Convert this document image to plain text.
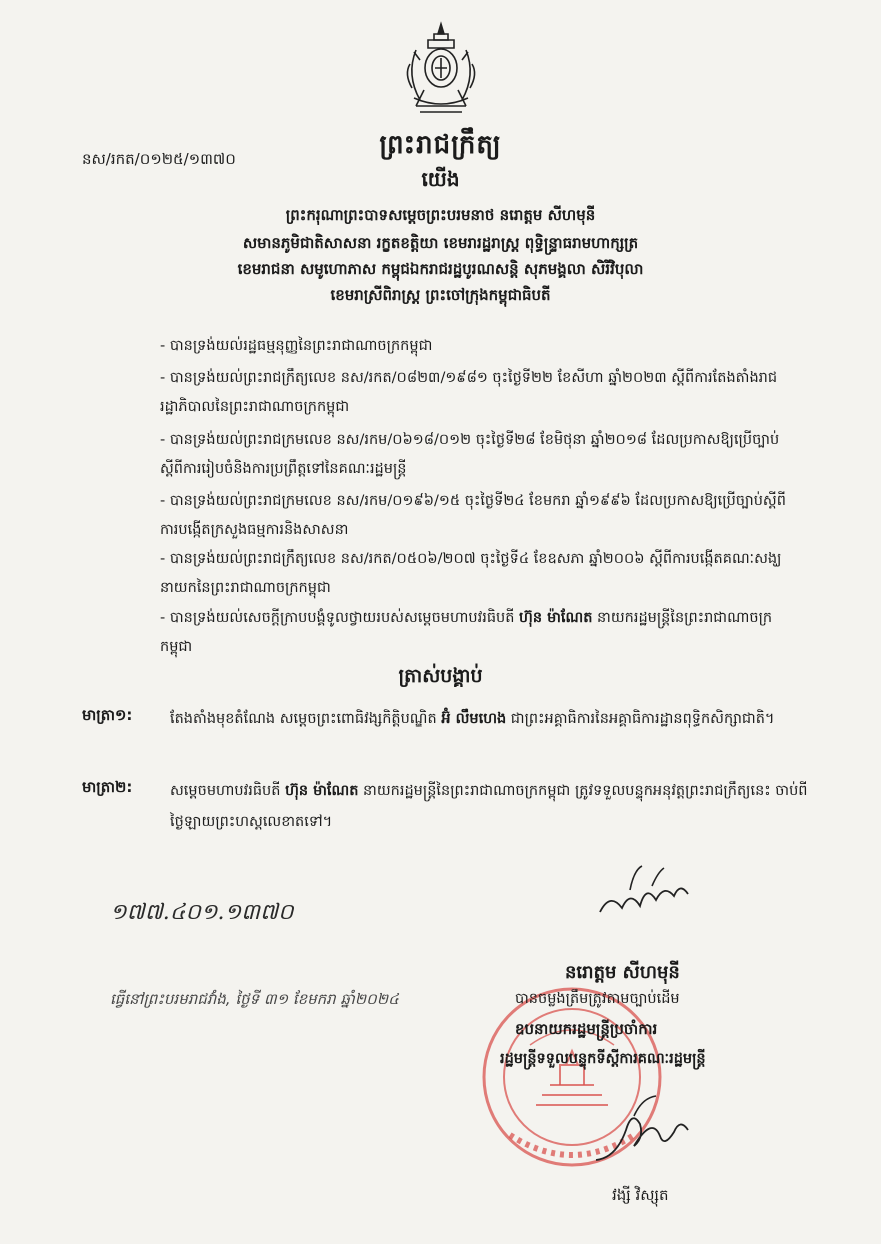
ព្រះរាជក្រឹត្យ
នស/រកត/០១២៥/១៣៧០
យើង
ព្រះករុណាព្រះបាទសម្តេចព្រះបរមនាថ នរោត្តម សីហមុនី
សមានភូមិជាតិសាសនា រក្ខតខត្តិយា ខេមរារដ្ឋរាស្ត្រ ពុទ្ធិន្ទ្រាធរាមហាក្សត្រ
ខេមរាជនា សមូហោភាស កម្ពុជឯករាជរដ្ឋបូរណសន្តិ សុភមង្គលា សិរីវិបុលា
ខេមរាស្រីពិរាស្ត្រ ព្រះចៅក្រុងកម្ពុជាធិបតី
- បានទ្រង់យល់រដ្ឋធម្មនុញ្ញនៃព្រះរាជាណាចក្រកម្ពុជា
- បានទ្រង់យល់ព្រះរាជក្រឹត្យលេខ នស/រកត/០៨២៣/១៩៨១ ចុះថ្ងៃទី២២ ខែសីហា ឆ្នាំ២០២៣ ស្តីពីការតែងតាំងរាជរដ្ឋាភិបាលនៃព្រះរាជាណាចក្រកម្ពុជា
- បានទ្រង់យល់ព្រះរាជក្រមលេខ នស/រកម/០៦១៨/០១២ ចុះថ្ងៃទី២៨ ខែមិថុនា ឆ្នាំ២០១៨ ដែលប្រកាសឱ្យប្រើច្បាប់ស្តីពីការរៀបចំនិងការប្រព្រឹត្តទៅនៃគណៈរដ្ឋមន្ត្រី
- បានទ្រង់យល់ព្រះរាជក្រមលេខ នស/រកម/០១៩៦/១៥ ចុះថ្ងៃទី២៤ ខែមករា ឆ្នាំ១៩៩៦ ដែលប្រកាសឱ្យប្រើច្បាប់ស្តីពីការបង្កើតក្រសួងធម្មការនិងសាសនា
- បានទ្រង់យល់ព្រះរាជក្រឹត្យលេខ នស/រកត/០៥០៦/២០៧ ចុះថ្ងៃទី៤ ខែឧសភា ឆ្នាំ២០០៦ ស្តីពីការបង្កើតគណៈសង្ឃនាយកនៃព្រះរាជាណាចក្រកម្ពុជា
- បានទ្រង់យល់សេចក្តីក្រាបបង្គំទូលថ្វាយរបស់សម្តេចមហាបវរធិបតី ហ៊ុន ម៉ាណែត នាយករដ្ឋមន្ត្រីនៃព្រះរាជាណាចក្រកម្ពុជា
ត្រាស់បង្គាប់
មាត្រា១:	តែងតាំងមុខតំណែង សម្តេចព្រះពោធិវង្សកិត្តិបណ្ឌិត អ៊ំ លឹមហេង ជាព្រះអគ្គាធិការនៃអគ្គាធិការដ្ឋានពុទ្ធិកសិក្សាជាតិ។
មាត្រា២:	សម្តេចមហាបវរធិបតី ហ៊ុន ម៉ាណែត នាយករដ្ឋមន្ត្រីនៃព្រះរាជាណាចក្រកម្ពុជា ត្រូវទទួលបន្ទុកអនុវត្តព្រះរាជក្រឹត្យនេះ ចាប់ពីថ្ងៃឡាយព្រះហស្តលេខាតទៅ។
១៧៧.៤០១.១៣៧០
នរោត្តម សីហមុនី
ធ្វើនៅព្រះបរមរាជវាំង, ថ្ងៃទី ៣១ ខែមករា ឆ្នាំ២០២៤	បានចម្លងត្រឹមត្រូវតាមច្បាប់ដើម
ឧបនាយករដ្ឋមន្ត្រីប្រចាំការ
រដ្ឋមន្ត្រីទទួលបន្ទុកទីស្តីការគណៈរដ្ឋមន្ត្រី
វង្សី វិស្សុត
